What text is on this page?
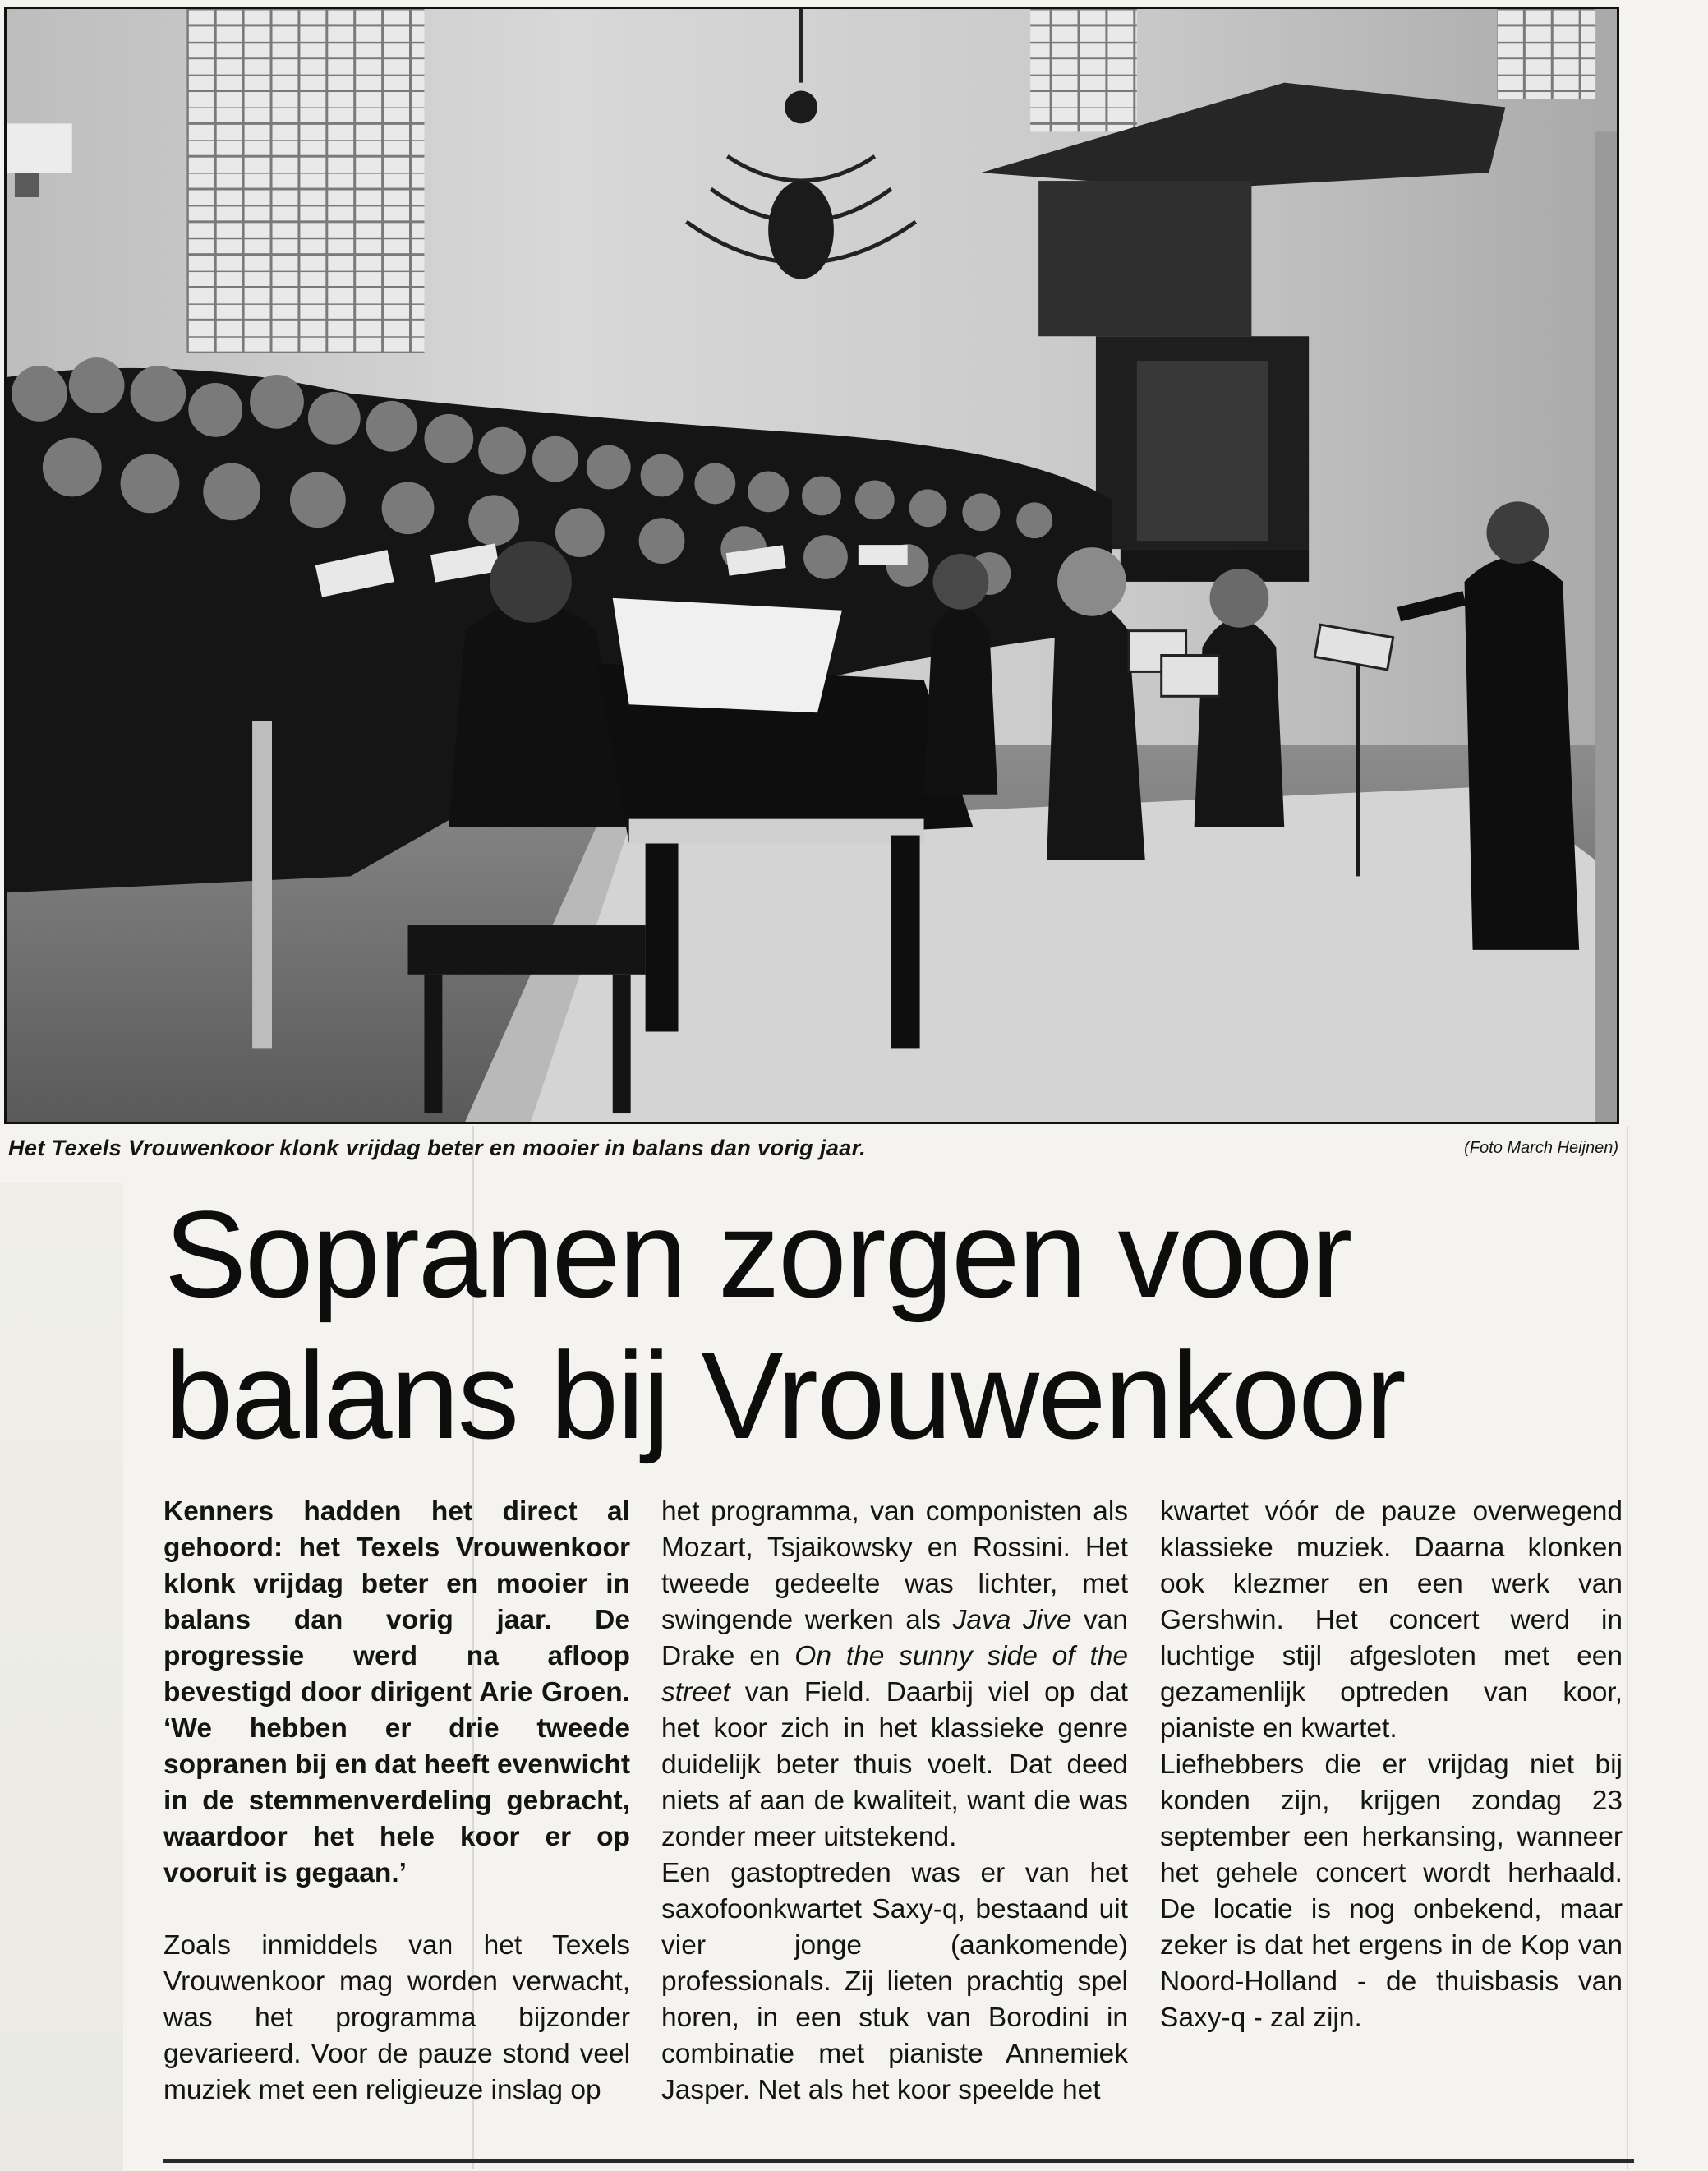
Het Texels Vrouwenkoor klonk vrijdag beter en mooier in balans dan vorig jaar.	(Foto March Heijnen)
Sopranen zorgen voor
balans bij Vrouwenkoor

Kenners hadden het direct al gehoord: het Texels Vrouwenkoor klonk vrijdag beter en mooier in balans dan vorig jaar. De progressie werd na afloop bevestigd door dirigent Arie Groen. ‘We hebben er drie tweede sopranen bij en dat heeft evenwicht in de stemmenverdeling gebracht, waardoor het hele koor er op vooruit is gegaan.’

Zoals inmiddels van het Texels Vrouwenkoor mag worden verwacht, was het programma bijzonder gevarieerd. Voor de pauze stond veel muziek met een religieuze inslag op

het programma, van componisten als Mozart, Tsjaikowsky en Rossini. Het tweede gedeelte was lichter, met swingende werken als Java Jive van Drake en On the sunny side of the street van Field. Daarbij viel op dat het koor zich in het klassieke genre duidelijk beter thuis voelt. Dat deed niets af aan de kwaliteit, want die was zonder meer uitstekend.

Een gastoptreden was er van het saxofoonkwartet Saxy-q, bestaand uit vier	jonge	(aankomende) professionals. Zij lieten prachtig spel horen, in een stuk van Borodini in combinatie met pianiste Annemiek Jasper. Net als het koor speelde het

kwartet vóór de pauze overwegend klassieke muziek. Daarna klonken ook klezmer en een werk van Gershwin. Het concert werd in luchtige stijl afgesloten met een gezamenlijk optreden van koor, pianiste en kwartet.

Liefhebbers die er vrijdag niet bij konden zijn, krijgen zondag 23 september een herkansing, wanneer het gehele concert wordt herhaald. De locatie is nog onbekend, maar zeker is dat het ergens in de Kop van Noord-Holland - de thuisbasis van Saxy-q - zal zijn.
